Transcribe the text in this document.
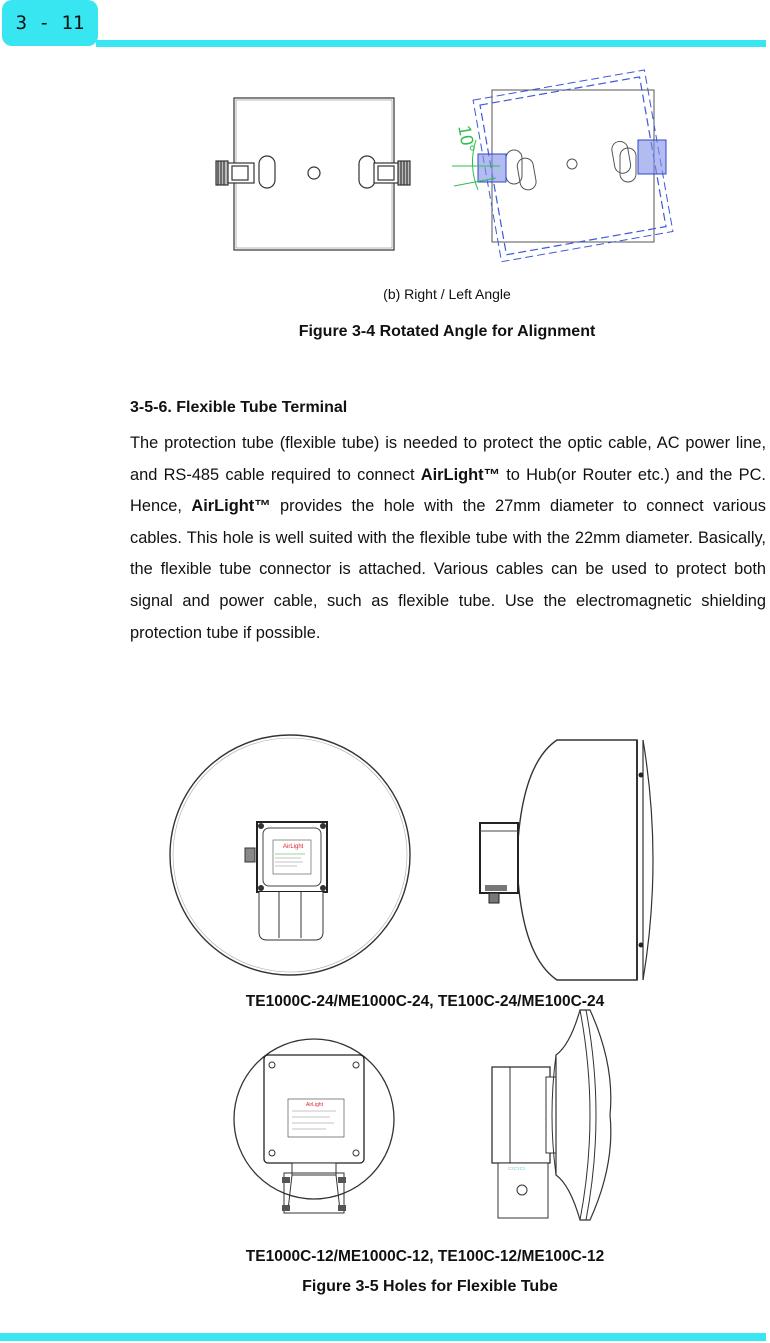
3 - 11
10°
(b) Right / Left Angle
Figure 3-4 Rotated Angle for Alignment
3-5-6. Flexible Tube Terminal
The protection tube (flexible tube) is needed to protect the optic cable, AC power line, and RS-485 cable required to connect AirLight™ to Hub(or Router etc.) and the PC. Hence, AirLight™ provides the hole with the 27mm diameter to connect various cables. This hole is well suited with the flexible tube with the 22mm diameter. Basically, the flexible tube connector is attached. Various cables can be used to protect both signal and power cable, such as flexible tube. Use the electromagnetic shielding protection tube if possible.
AirLight
TE1000C-24/ME1000C-24, TE100C-24/ME100C-24
AirLight
▭▭▭
TE1000C-12/ME1000C-12, TE100C-12/ME100C-12
Figure 3-5 Holes for Flexible Tube
